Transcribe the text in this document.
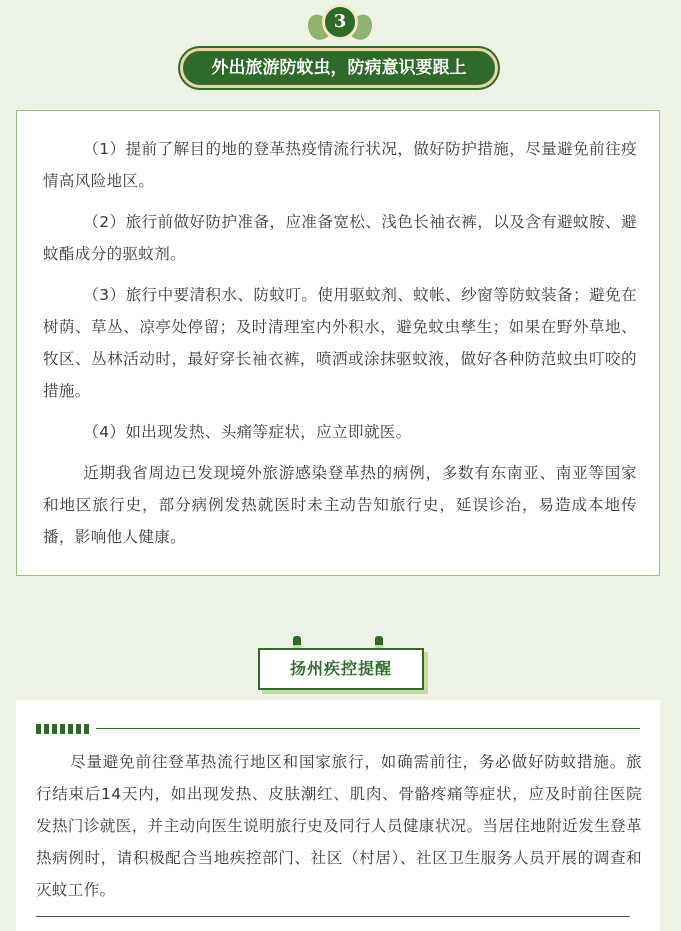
3
外出旅游防蚊虫，防病意识要跟上

（1）提前了解目的地的登革热疫情流行状况，做好防护措施，尽量避免前往疫情高风险地区。

（2）旅行前做好防护准备，应准备宽松、浅色长袖衣裤，以及含有避蚊胺、避蚊酯成分的驱蚊剂。

（3）旅行中要清积水、防蚊叮。使用驱蚊剂、蚊帐、纱窗等防蚊装备；避免在树荫、草丛、凉亭处停留；及时清理室内外积水，避免蚊虫孳生；如果在野外草地、牧区、丛林活动时，最好穿长袖衣裤，喷洒或涂抹驱蚊液，做好各种防范蚊虫叮咬的措施。

（4）如出现发热、头痛等症状，应立即就医。

近期我省周边已发现境外旅游感染登革热的病例，多数有东南亚、南亚等国家和地区旅行史，部分病例发热就医时未主动告知旅行史，延误诊治，易造成本地传播，影响他人健康。

扬州疾控提醒

尽量避免前往登革热流行地区和国家旅行，如确需前往，务必做好防蚊措施。旅行结束后14天内，如出现发热、皮肤潮红、肌肉、骨骼疼痛等症状，应及时前往医院发热门诊就医，并主动向医生说明旅行史及同行人员健康状况。当居住地附近发生登革热病例时，请积极配合当地疾控部门、社区（村居）、社区卫生服务人员开展的调查和灭蚊工作。
